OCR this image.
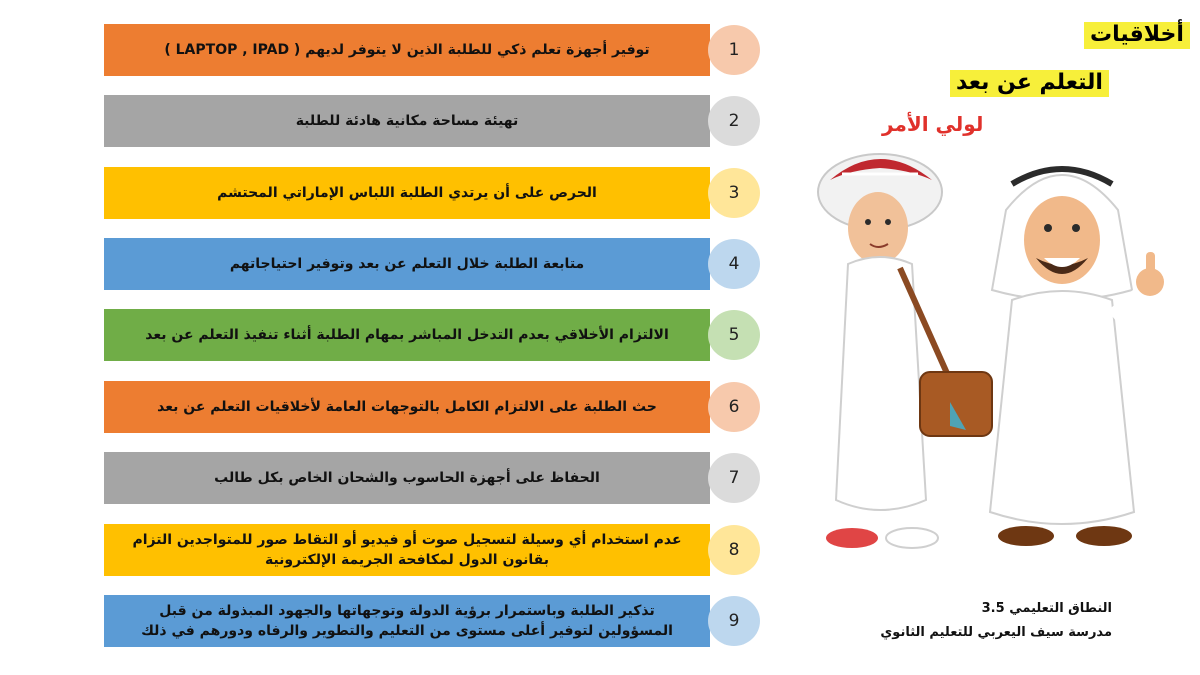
توفير أجهزة تعلم ذكي للطلبة الذين لا يتوفر لديهم ( LAPTOP , IPAD )	1
تهيئة مساحة مكانية هادئة للطلبة	2
الحرص على أن يرتدي الطلبة اللباس الإماراتي المحتشم	3
متابعة الطلبة خلال التعلم عن بعد وتوفير احتياجاتهم	4
الالتزام الأخلاقي بعدم التدخل المباشر بمهام الطلبة أثناء تنفيذ التعلم عن بعد	5
حث الطلبة على الالتزام الكامل بالتوجهات العامة لأخلاقيات التعلم عن بعد	6
الحفاظ على أجهزة الحاسوب والشحان الخاص بكل طالب	7
عدم استخدام أي وسيلة لتسجيل صوت أو فيديو أو التقاط صور للمتواجدين التزام بقانون الدول لمكافحة الجريمة الإلكترونية	8
تذكير الطلبة وباستمرار برؤية الدولة وتوجهاتها والجهود المبذولة من قبل المسؤولين لتوفير أعلى مستوى من التعليم والتطوير والرفاه ودورهم في ذلك	9
أخلاقيات
التعلم عن بعد
لولي الأمر
النطاق التعليمي 3.5
مدرسة سيف اليعربي للتعليم الثانوي
